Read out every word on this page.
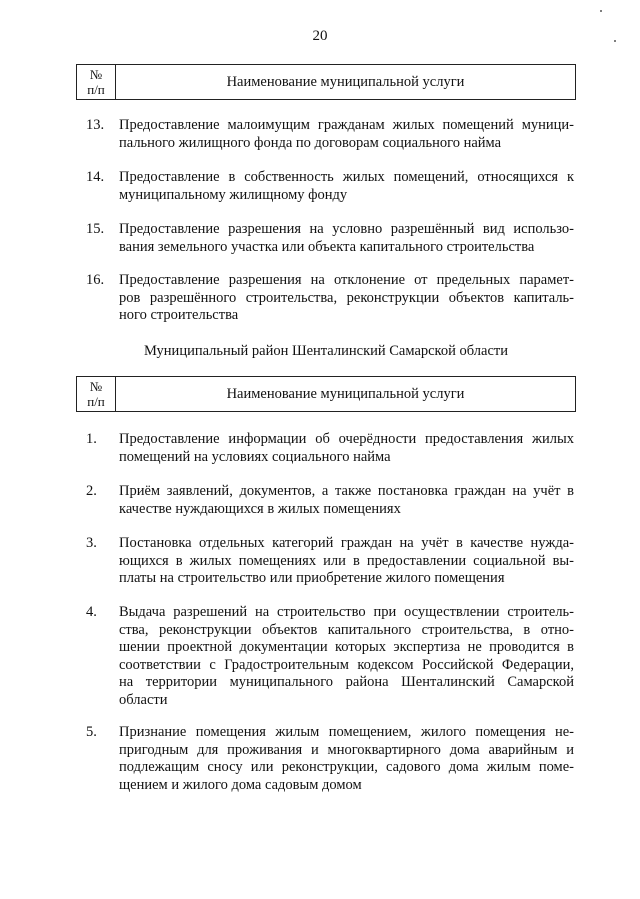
20
№
п/п	Наименование муниципальной услуги
13.	Предоставление малоимущим гражданам жилых помещений муници-
пального жилищного фонда по договорам социального найма
14.	Предоставление в собственность жилых помещений, относящихся к
муниципальному жилищному фонду
15.	Предоставление разрешения на условно разрешённый вид использо-
вания земельного участка или объекта капитального строительства
16.	Предоставление разрешения на отклонение от предельных парамет-
ров разрешённого строительства, реконструкции объектов капиталь-
ного строительства
Муниципальный район Шенталинский Самарской области
№
п/п	Наименование муниципальной услуги
1.	Предоставление информации об очерёдности предоставления жилых
помещений на условиях социального найма
2.	Приём заявлений, документов, а также постановка граждан на учёт в
качестве нуждающихся в жилых помещениях
3.	Постановка отдельных категорий граждан на учёт в качестве нужда-
ющихся в жилых помещениях или в предоставлении социальной вы-
платы на строительство или приобретение жилого помещения
4.	Выдача разрешений на строительство при осуществлении строитель-
ства, реконструкции объектов капитального строительства, в отно-
шении проектной документации которых экспертиза не проводится в
соответствии с Градостроительным кодексом Российской Федерации,
на территории муниципального района Шенталинский Самарской
области
5.	Признание помещения жилым помещением, жилого помещения не-
пригодным для проживания и многоквартирного дома аварийным и
подлежащим сносу или реконструкции, садового дома жилым поме-
щением и жилого дома садовым домом
